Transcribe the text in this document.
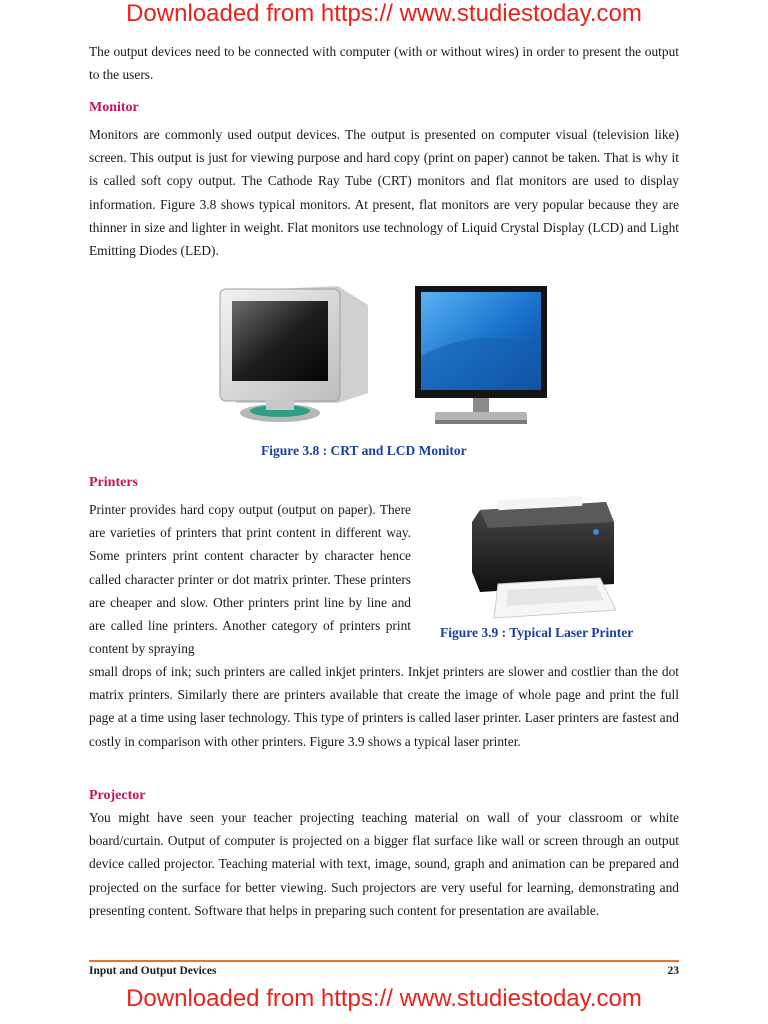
Downloaded from https:// www.studiestoday.com

The output devices need to be connected with computer (with or without wires) in order to present the output to the users.

Monitor

Monitors are commonly used output devices. The output is presented on computer visual (television like) screen. This output is just for viewing purpose and hard copy (print on paper) cannot be taken. That is why it is called soft copy output. The Cathode Ray Tube (CRT) monitors and flat monitors are used to display information. Figure 3.8 shows typical monitors. At present, flat monitors are very popular because they are thinner in size and lighter in weight. Flat monitors use technology of Liquid Crystal Display (LCD) and Light Emitting Diodes (LED).

Figure 3.8 : CRT and LCD Monitor

Printers

Printer provides hard copy output (output on paper). There are varieties of printers that print content in different way. Some printers print content character by character hence called character printer or dot matrix printer. These printers are cheaper and slow. Other printers print line by line and are called line printers. Another category of printers print content by spraying

Figure 3.9 : Typical Laser Printer

small drops of ink; such printers are called inkjet printers. Inkjet printers are slower and costlier than the dot matrix printers. Similarly there are printers available that create the image of whole page and print the full page at a time using laser technology. This type of printers is called laser printer. Laser printers are fastest and costly in comparison with other printers. Figure 3.9 shows a typical laser printer.

Projector

You might have seen your teacher projecting teaching material on wall of your classroom or white board/curtain. Output of computer is projected on a bigger flat surface like wall or screen through an output device called projector. Teaching material with text, image, sound, graph and animation can be prepared and projected on the surface for better viewing. Such projectors are very useful for learning, demonstrating and presenting content. Software that helps in preparing such content for presentation are available.

Input and Output Devices	23
Downloaded from https:// www.studiestoday.com
